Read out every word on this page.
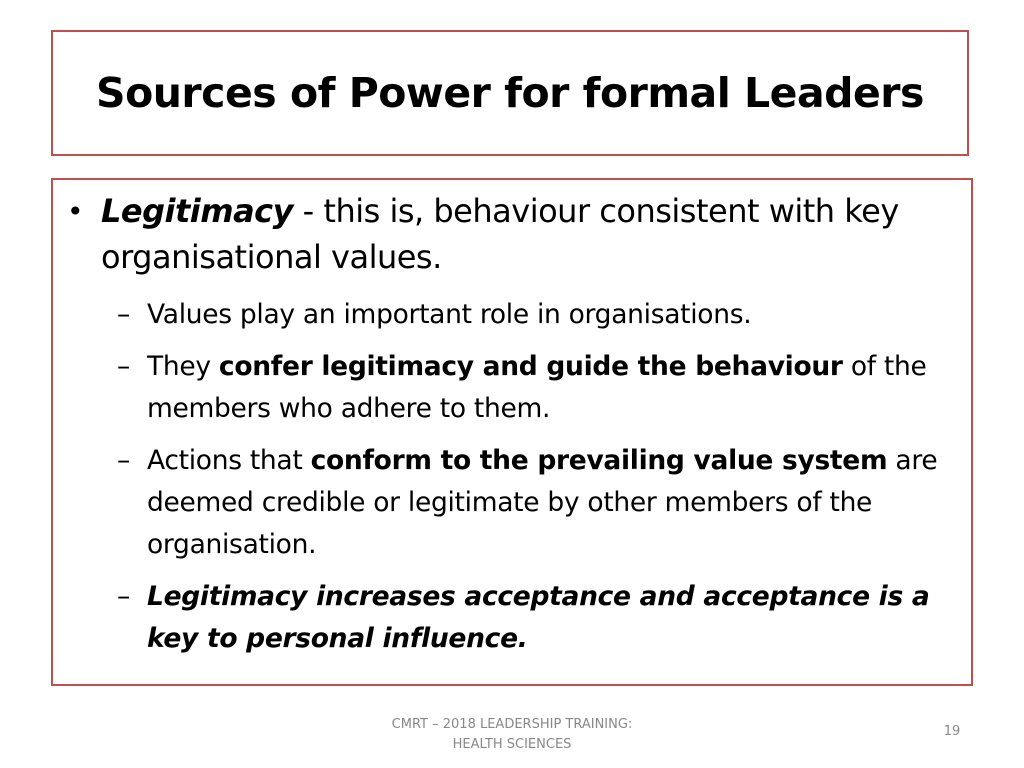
Sources of Power for formal Leaders
• Legitimacy - this is, behaviour consistent with key organisational values.
– Values play an important role in organisations.
– They confer legitimacy and guide the behaviour of the members who adhere to them.
– Actions that conform to the prevailing value system are deemed credible or legitimate by other members of the organisation.
– Legitimacy increases acceptance and acceptance is a key to personal influence.
CMRT – 2018 LEADERSHIP TRAINING:
HEALTH SCIENCES
19
